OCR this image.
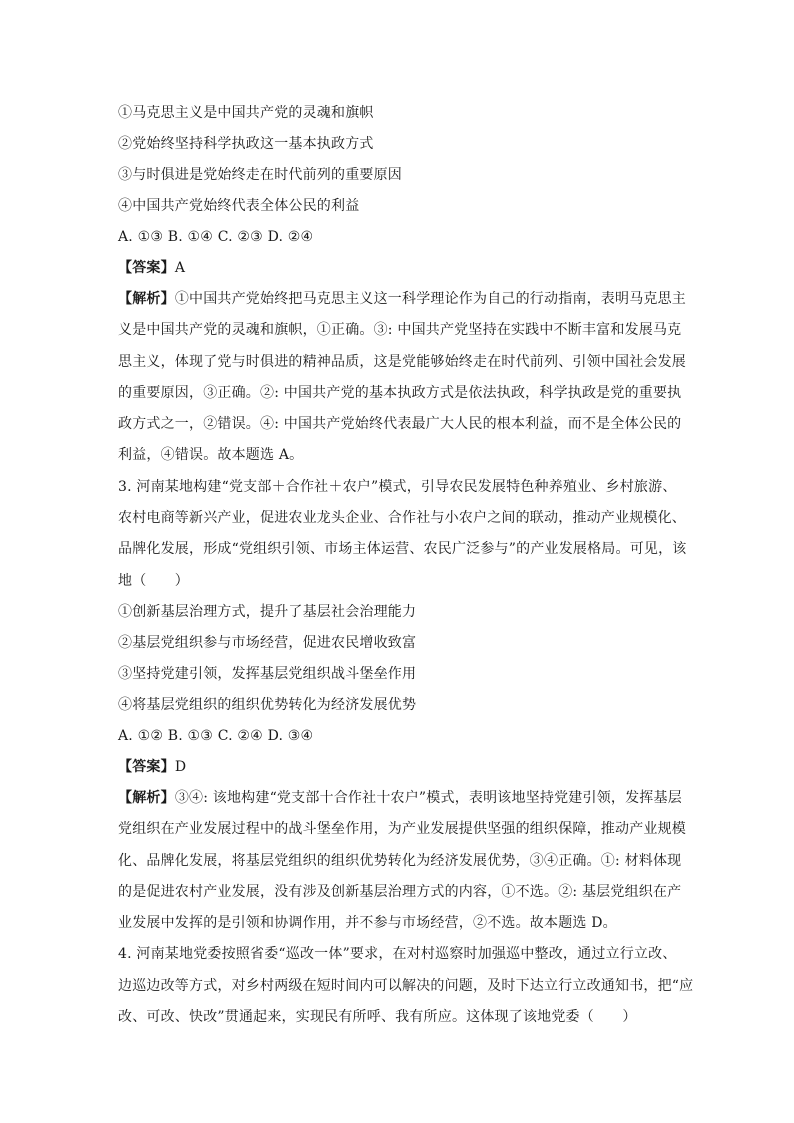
①马克思主义是中国共产党的灵魂和旗帜
②党始终坚持科学执政这一基本执政方式
③与时俱进是党始终走在时代前列的重要原因
④中国共产党始终代表全体公民的利益
A. ①③ B. ①④ C. ②③ D. ②④
【答案】A
【解析】①中国共产党始终把马克思主义这一科学理论作为自己的行动指南，表明马克思主
义是中国共产党的灵魂和旗帜，①正确。③: 中国共产党坚持在实践中不断丰富和发展马克
思主义，体现了党与时俱进的精神品质，这是党能够始终走在时代前列、引领中国社会发展
的重要原因，③正确。②: 中国共产党的基本执政方式是依法执政，科学执政是党的重要执
政方式之一，②错误。④: 中国共产党始终代表最广大人民的根本利益，而不是全体公民的
利益，④错误。故本题选 A。
3. 河南某地构建“党支部＋合作社＋农户”模式，引导农民发展特色种养殖业、乡村旅游、
农村电商等新兴产业，促进农业龙头企业、合作社与小农户之间的联动，推动产业规模化、
品牌化发展，形成“党组织引领、市场主体运营、农民广泛参与”的产业发展格局。可见，该
地（　　）
①创新基层治理方式，提升了基层社会治理能力
②基层党组织参与市场经营，促进农民增收致富
③坚持党建引领，发挥基层党组织战斗堡垒作用
④将基层党组织的组织优势转化为经济发展优势
A. ①② B. ①③ C. ②④ D. ③④
【答案】D
【解析】③④: 该地构建“党支部十合作社十农户”模式，表明该地坚持党建引领，发挥基层
党组织在产业发展过程中的战斗堡垒作用，为产业发展提供坚强的组织保障，推动产业规模
化、品牌化发展，将基层党组织的组织优势转化为经济发展优势，③④正确。①: 材料体现
的是促进农村产业发展，没有涉及创新基层治理方式的内容，①不选。②: 基层党组织在产
业发展中发挥的是引领和协调作用，并不参与市场经营，②不选。故本题选 D。
4. 河南某地党委按照省委“巡改一体”要求，在对村巡察时加强巡中整改，通过立行立改、
边巡边改等方式，对乡村两级在短时间内可以解决的问题，及时下达立行立改通知书，把“应
改、可改、快改”贯通起来，实现民有所呼、我有所应。这体现了该地党委（　　）
